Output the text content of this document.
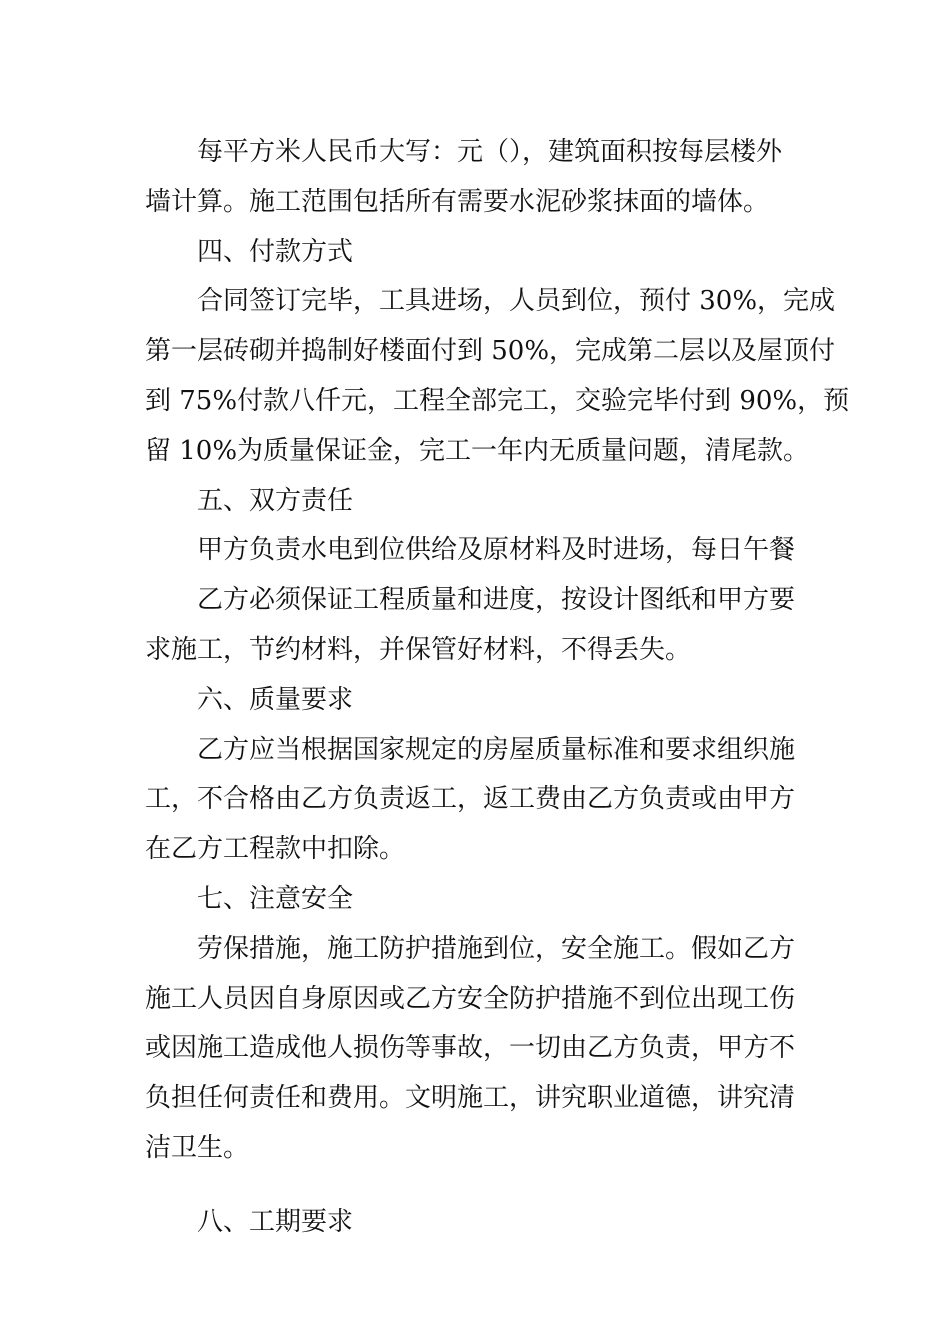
每平方米人民币大写：元（），建筑面积按每层楼外
墙计算。施工范围包括所有需要水泥砂浆抹面的墙体。
四、付款方式
合同签订完毕，工具进场，人员到位，预付 30%，完成
第一层砖砌并捣制好楼面付到 50%，完成第二层以及屋顶付
到 75%付款八仟元，工程全部完工，交验完毕付到 90%，预
留 10%为质量保证金，完工一年内无质量问题，清尾款。
五、双方责任
甲方负责水电到位供给及原材料及时进场，每日午餐
乙方必须保证工程质量和进度，按设计图纸和甲方要
求施工，节约材料，并保管好材料，不得丢失。
六、质量要求
乙方应当根据国家规定的房屋质量标准和要求组织施
工，不合格由乙方负责返工，返工费由乙方负责或由甲方
在乙方工程款中扣除。
七、注意安全
劳保措施，施工防护措施到位，安全施工。假如乙方
施工人员因自身原因或乙方安全防护措施不到位出现工伤
或因施工造成他人损伤等事故，一切由乙方负责，甲方不
负担任何责任和费用。文明施工，讲究职业道德，讲究清
洁卫生。
八、工期要求
